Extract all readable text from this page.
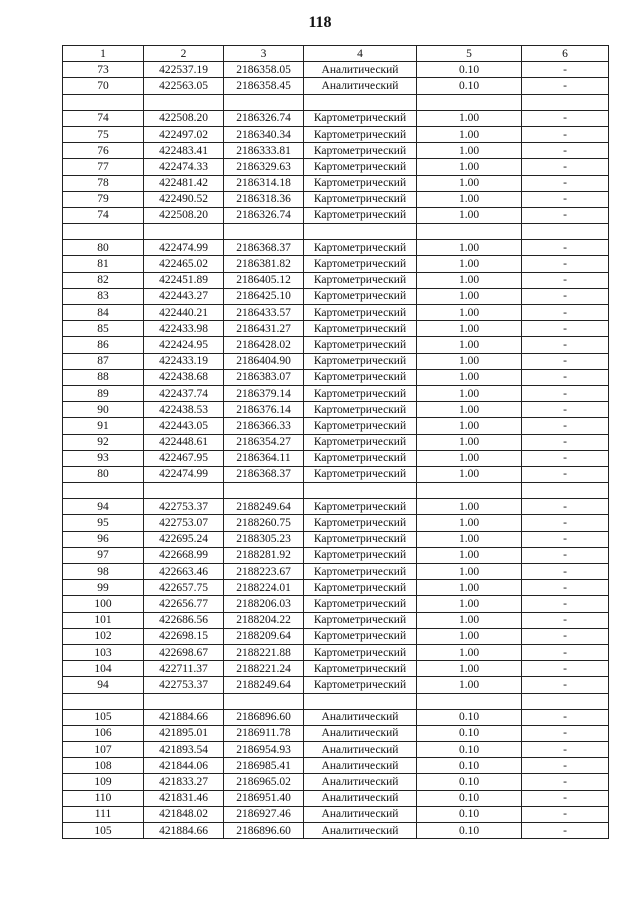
118
1	2	3	4	5	6
73	422537.19	2186358.05	Аналитический	0.10	-
70	422563.05	2186358.45	Аналитический	0.10	-

74	422508.20	2186326.74	Картометрический	1.00	-
75	422497.02	2186340.34	Картометрический	1.00	-
76	422483.41	2186333.81	Картометрический	1.00	-
77	422474.33	2186329.63	Картометрический	1.00	-
78	422481.42	2186314.18	Картометрический	1.00	-
79	422490.52	2186318.36	Картометрический	1.00	-
74	422508.20	2186326.74	Картометрический	1.00	-

80	422474.99	2186368.37	Картометрический	1.00	-
81	422465.02	2186381.82	Картометрический	1.00	-
82	422451.89	2186405.12	Картометрический	1.00	-
83	422443.27	2186425.10	Картометрический	1.00	-
84	422440.21	2186433.57	Картометрический	1.00	-
85	422433.98	2186431.27	Картометрический	1.00	-
86	422424.95	2186428.02	Картометрический	1.00	-
87	422433.19	2186404.90	Картометрический	1.00	-
88	422438.68	2186383.07	Картометрический	1.00	-
89	422437.74	2186379.14	Картометрический	1.00	-
90	422438.53	2186376.14	Картометрический	1.00	-
91	422443.05	2186366.33	Картометрический	1.00	-
92	422448.61	2186354.27	Картометрический	1.00	-
93	422467.95	2186364.11	Картометрический	1.00	-
80	422474.99	2186368.37	Картометрический	1.00	-

94	422753.37	2188249.64	Картометрический	1.00	-
95	422753.07	2188260.75	Картометрический	1.00	-
96	422695.24	2188305.23	Картометрический	1.00	-
97	422668.99	2188281.92	Картометрический	1.00	-
98	422663.46	2188223.67	Картометрический	1.00	-
99	422657.75	2188224.01	Картометрический	1.00	-
100	422656.77	2188206.03	Картометрический	1.00	-
101	422686.56	2188204.22	Картометрический	1.00	-
102	422698.15	2188209.64	Картометрический	1.00	-
103	422698.67	2188221.88	Картометрический	1.00	-
104	422711.37	2188221.24	Картометрический	1.00	-
94	422753.37	2188249.64	Картометрический	1.00	-

105	421884.66	2186896.60	Аналитический	0.10	-
106	421895.01	2186911.78	Аналитический	0.10	-
107	421893.54	2186954.93	Аналитический	0.10	-
108	421844.06	2186985.41	Аналитический	0.10	-
109	421833.27	2186965.02	Аналитический	0.10	-
110	421831.46	2186951.40	Аналитический	0.10	-
111	421848.02	2186927.46	Аналитический	0.10	-
105	421884.66	2186896.60	Аналитический	0.10	-
